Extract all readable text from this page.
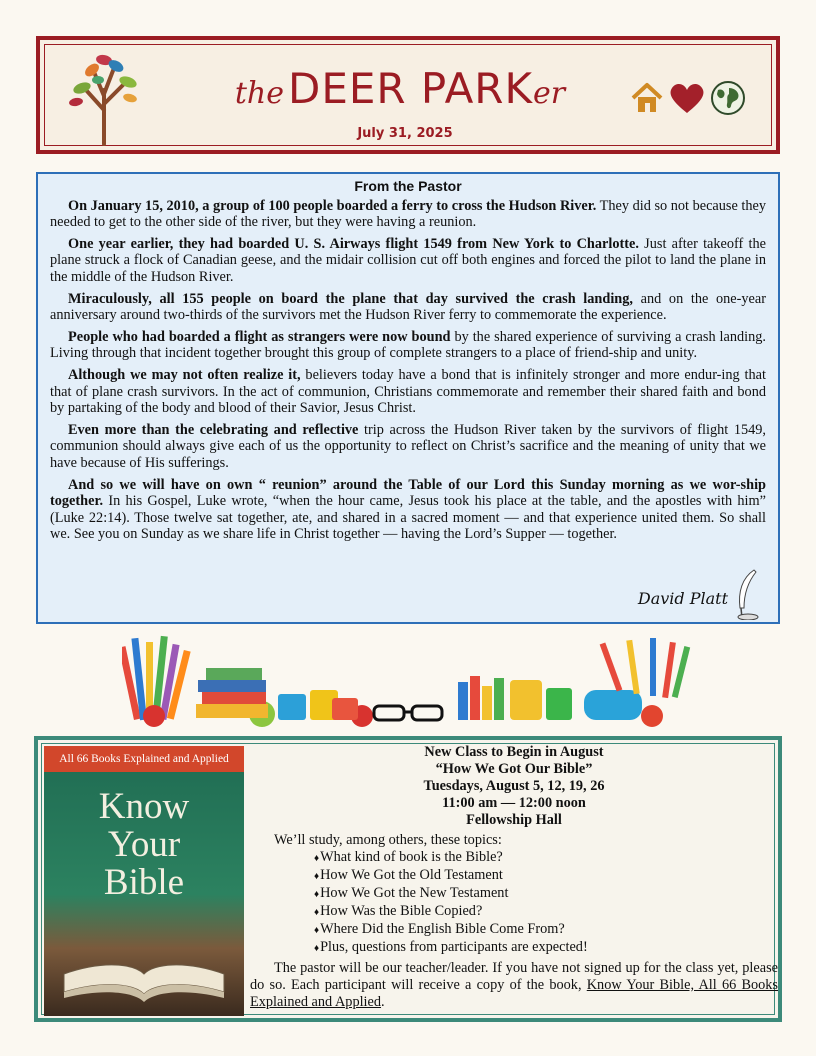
the DEER PARKer
July 31, 2025
From the Pastor

On January 15, 2010, a group of 100 people boarded a ferry to cross the Hudson River. They did so not because they needed to get to the other side of the river, but they were having a reunion.

One year earlier, they had boarded U. S. Airways flight 1549 from New York to Charlotte. Just after takeoff the plane struck a flock of Canadian geese, and the midair collision cut off both engines and forced the pilot to land the plane in the middle of the Hudson River.

Miraculously, all 155 people on board the plane that day survived the crash landing, and on the one-year anniversary around two-thirds of the survivors met the Hudson River ferry to commemorate the experience.

People who had boarded a flight as strangers were now bound by the shared experience of surviving a crash landing. Living through that incident together brought this group of complete strangers to a place of friend-ship and unity.

Although we may not often realize it, believers today have a bond that is infinitely stronger and more endur-ing that that of plane crash survivors. In the act of communion, Christians commemorate and remember their shared faith and bond by partaking of the body and blood of their Savior, Jesus Christ.

Even more than the celebrating and reflective trip across the Hudson River taken by the survivors of flight 1549, communion should always give each of us the opportunity to reflect on Christ’s sacrifice and the meaning of unity that we have because of His sufferings.

And so we will have on own “ reunion” around the Table of our Lord this Sunday morning as we wor-ship together. In his Gospel, Luke wrote, “when the hour came, Jesus took his place at the table, and the apostles with him” (Luke 22:14). Those twelve sat together, ate, and shared in a sacred moment — and that experience united them. So shall we. See you on Sunday as we share life in Christ together — having the Lord’s Supper — together.

David Platt
All 66 Books Explained and Applied
Know
Your
Bible
New Class to Begin in August
“How We Got Our Bible”
Tuesdays, August 5, 12, 19, 26
11:00 am — 12:00 noon
Fellowship Hall
We’ll study, among others, these topics:
♦ What kind of book is the Bible?
♦ How We Got the Old Testament
♦ How We Got the New Testament
♦ How Was the Bible Copied?
♦ Where Did the English Bible Come From?
♦ Plus, questions from participants are expected!
The pastor will be our teacher/leader. If you have not signed up for the class yet, please do so. Each participant will receive a copy of the book, Know Your Bible, All 66 Books Explained and Applied.
